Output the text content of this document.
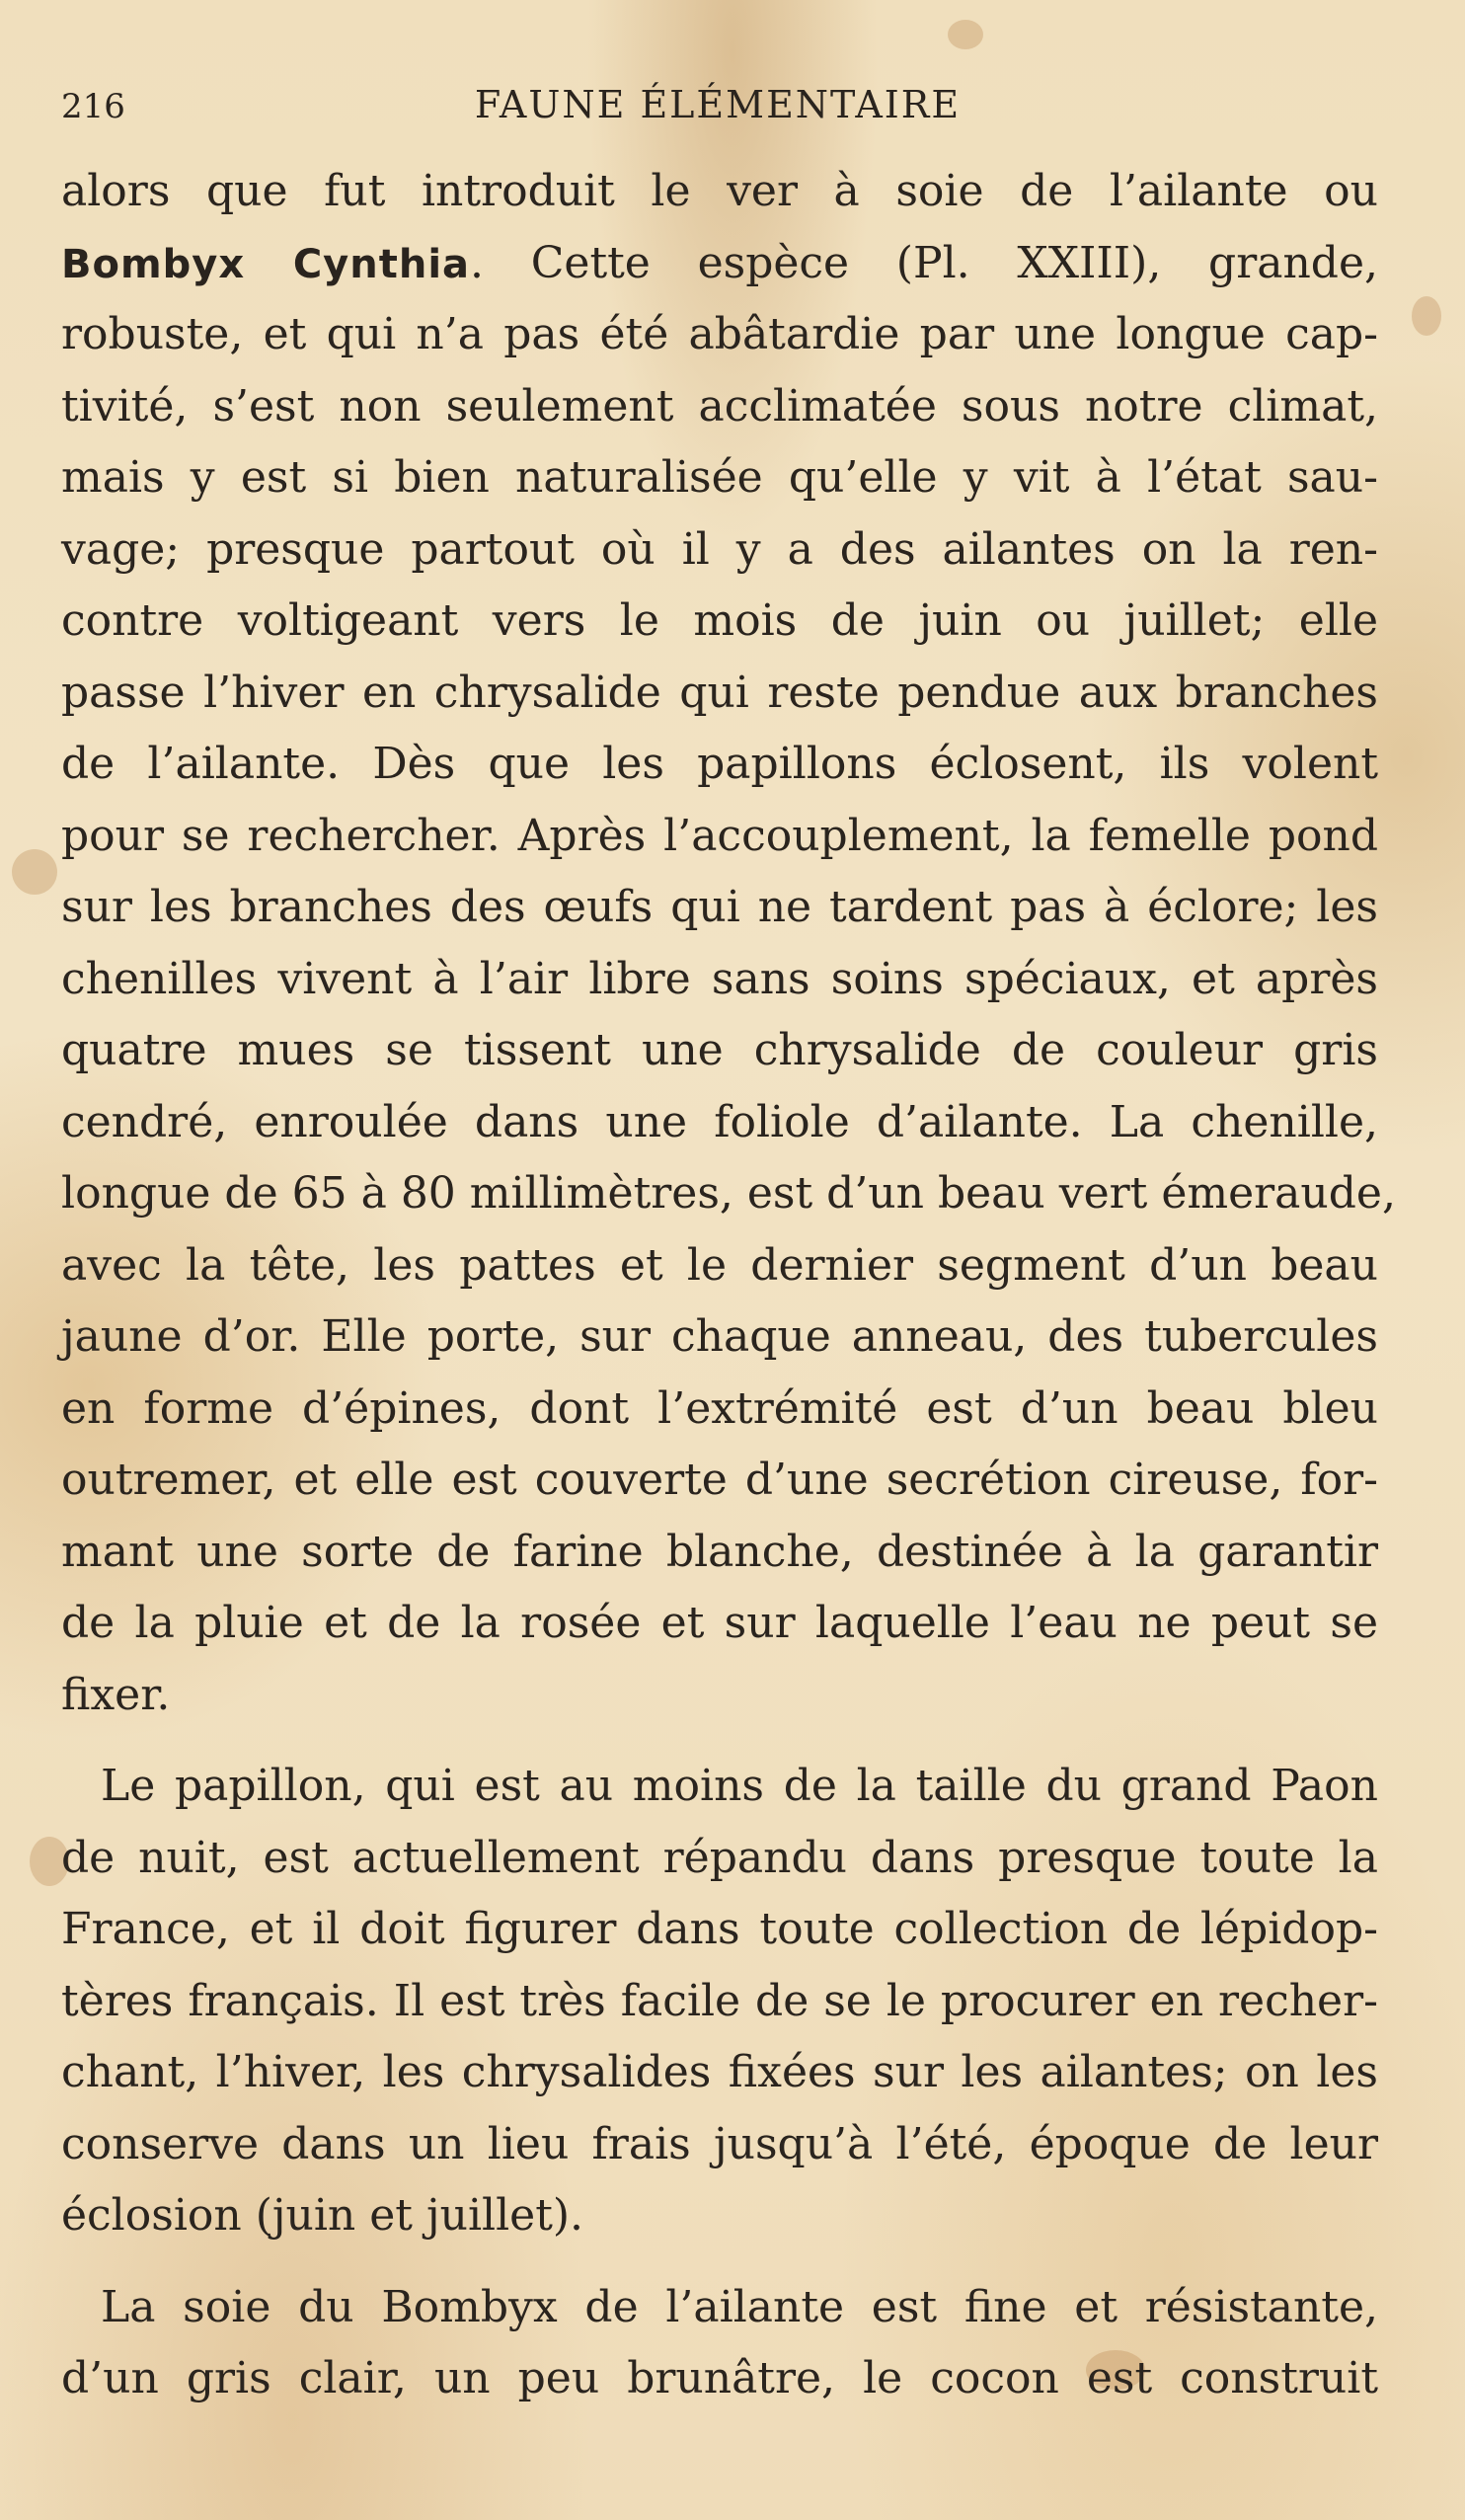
216	FAUNE ÉLÉMENTAIRE
alors que fut introduit le ver à soie de l’ailante ou
Bombyx Cynthia. Cette espèce (Pl. XXIII), grande,
robuste, et qui n’a pas été abâtardie par une longue cap-
tivité, s’est non seulement acclimatée sous notre climat,
mais y est si bien naturalisée qu’elle y vit à l’état sau-
vage; presque partout où il y a des ailantes on la ren-
contre voltigeant vers le mois de juin ou juillet; elle
passe l’hiver en chrysalide qui reste pendue aux branches
de l’ailante. Dès que les papillons éclosent, ils volent
pour se rechercher. Après l’accouplement, la femelle pond
sur les branches des œufs qui ne tardent pas à éclore; les
chenilles vivent à l’air libre sans soins spéciaux, et après
quatre mues se tissent une chrysalide de couleur gris
cendré, enroulée dans une foliole d’ailante. La chenille,
longue de 65 à 80 millimètres, est d’un beau vert émeraude,
avec la tête, les pattes et le dernier segment d’un beau
jaune d’or. Elle porte, sur chaque anneau, des tubercules
en forme d’épines, dont l’extrémité est d’un beau bleu
outremer, et elle est couverte d’une secrétion cireuse, for-
mant une sorte de farine blanche, destinée à la garantir
de la pluie et de la rosée et sur laquelle l’eau ne peut se
fixer.
Le papillon, qui est au moins de la taille du grand Paon
de nuit, est actuellement répandu dans presque toute la
France, et il doit figurer dans toute collection de lépidop-
tères français. Il est très facile de se le procurer en recher-
chant, l’hiver, les chrysalides fixées sur les ailantes; on les
conserve dans un lieu frais jusqu’à l’été, époque de leur
éclosion (juin et juillet).
La soie du Bombyx de l’ailante est fine et résistante,
d’un gris clair, un peu brunâtre, le cocon est construit
